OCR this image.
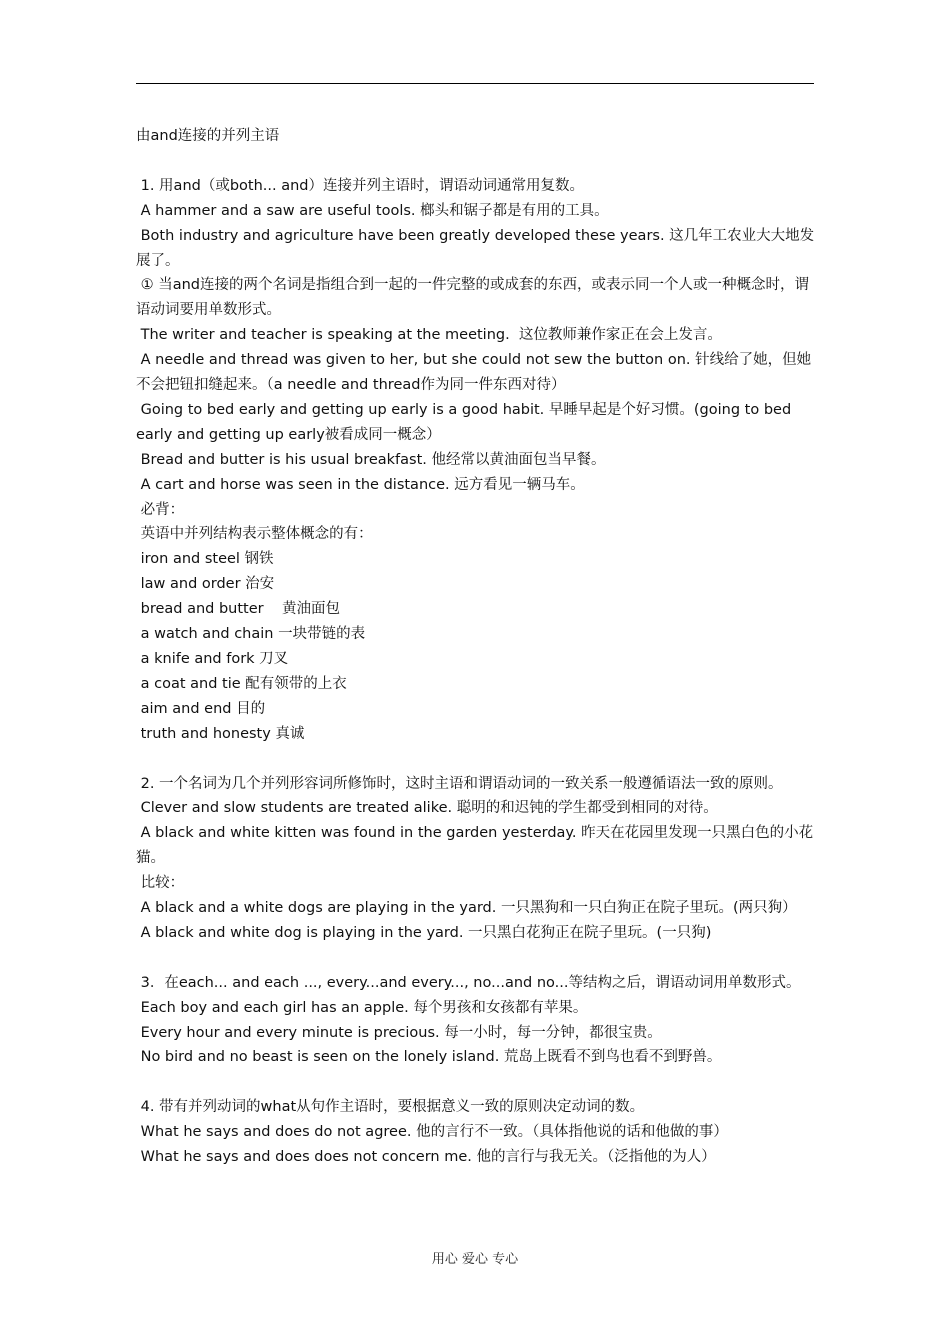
由and连接的并列主语

1. 用and（或both... and）连接并列主语时，谓语动词通常用复数。

A hammer and a saw are useful tools. 榔头和锯子都是有用的工具。

Both industry and agriculture have been greatly developed these years. 这几年工农业大大地发展了。

① 当and连接的两个名词是指组合到一起的一件完整的或成套的东西，或表示同一个人或一种概念时，谓语动词要用单数形式。

The writer and teacher is speaking at the meeting.  这位教师兼作家正在会上发言。

A needle and thread was given to her, but she could not sew the button on. 针线给了她，但她不会把钮扣缝起来。（a needle and thread作为同一件东西对待）

Going to bed early and getting up early is a good habit. 早睡早起是个好习惯。(going to bed early and getting up early被看成同一概念）

Bread and butter is his usual breakfast. 他经常以黄油面包当早餐。

A cart and horse was seen in the distance. 远方看见一辆马车。

必背：

英语中并列结构表示整体概念的有：

iron and steel 钢铁

law and order 治安

bread and butter    黄油面包

a watch and chain 一块带链的表

a knife and fork 刀叉

a coat and tie 配有领带的上衣

aim and end 目的

truth and honesty 真诚

2. 一个名词为几个并列形容词所修饰时，这时主语和谓语动词的一致关系一般遵循语法一致的原则。

Clever and slow students are treated alike. 聪明的和迟钝的学生都受到相同的对待。

A black and white kitten was found in the garden yesterday. 昨天在花园里发现一只黑白色的小花猫。

比较：

A black and a white dogs are playing in the yard. 一只黑狗和一只白狗正在院子里玩。(两只狗）

A black and white dog is playing in the yard. 一只黑白花狗正在院子里玩。(一只狗)

3．在each... and each ..., every...and every..., no...and no...等结构之后，谓语动词用单数形式。

Each boy and each girl has an apple. 每个男孩和女孩都有苹果。

Every hour and every minute is precious. 每一小时，每一分钟，都很宝贵。

No bird and no beast is seen on the lonely island. 荒岛上既看不到鸟也看不到野兽。

4. 带有并列动词的what从句作主语时，要根据意义一致的原则决定动词的数。

What he says and does do not agree. 他的言行不一致。（具体指他说的话和他做的事）

What he says and does does not concern me. 他的言行与我无关。（泛指他的为人）

用心 爱心 专心
